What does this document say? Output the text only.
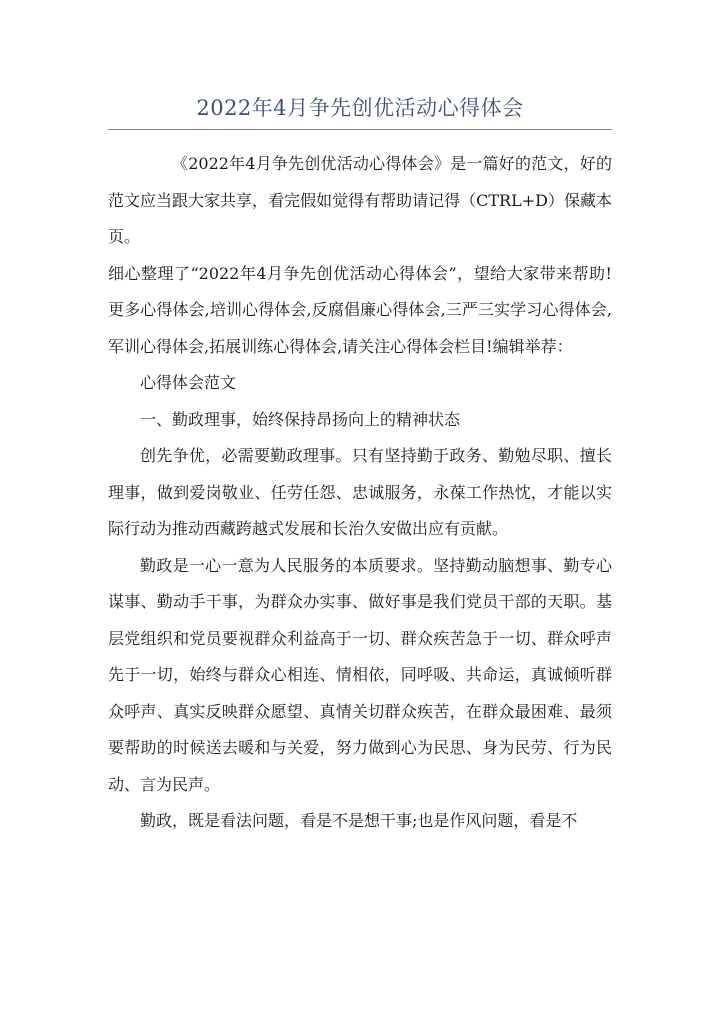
2022年4月争先创优活动心得体会

《2022年4月争先创优活动心得体会》是一篇好的范文，好的范文应当跟大家共享，看完假如觉得有帮助请记得（CTRL+D）保藏本页。

细心整理了“2022年4月争先创优活动心得体会”，望给大家带来帮助!更多心得体会,培训心得体会,反腐倡廉心得体会,三严三实学习心得体会,军训心得体会,拓展训练心得体会,请关注心得体会栏目!编辑举荐：

心得体会范文

一、勤政理事，始终保持昂扬向上的精神状态

创先争优，必需要勤政理事。只有坚持勤于政务、勤勉尽职、擅长理事，做到爱岗敬业、任劳任怨、忠诚服务，永葆工作热忱，才能以实际行动为推动西藏跨越式发展和长治久安做出应有贡献。

勤政是一心一意为人民服务的本质要求。坚持勤动脑想事、勤专心谋事、勤动手干事，为群众办实事、做好事是我们党员干部的天职。基层党组织和党员要视群众利益高于一切、群众疾苦急于一切、群众呼声先于一切，始终与群众心相连、情相依，同呼吸、共命运，真诚倾听群众呼声、真实反映群众愿望、真情关切群众疾苦，在群众最困难、最须要帮助的时候送去暖和与关爱，努力做到心为民思、身为民劳、行为民动、言为民声。

勤政，既是看法问题，看是不是想干事;也是作风问题，看是不
